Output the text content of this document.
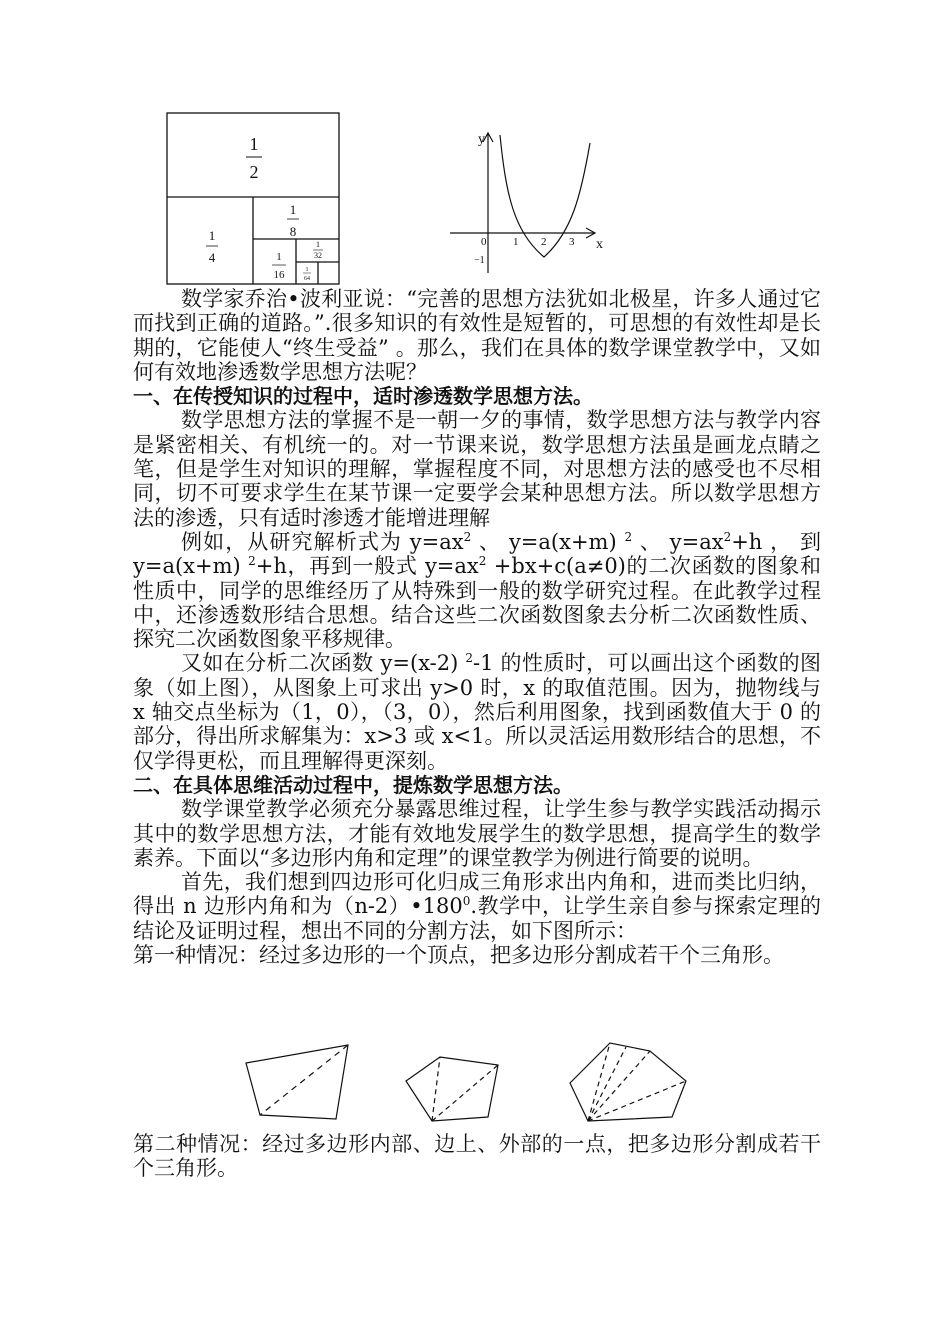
1
2
1
4
1
8
1
16
1
32
1
64
y
x
0 1 2 3
−1

数学家乔治•波利亚说：“完善的思想方法犹如北极星，许多人通过它而找到正确的道路。”.很多知识的有效性是短暂的，可思想的有效性却是长期的，它能使人“终生受益” 。那么，我们在具体的数学课堂教学中，又如何有效地渗透数学思想方法呢？

一、在传授知识的过程中，适时渗透数学思想方法。

数学思想方法的掌握不是一朝一夕的事情，数学思想方法与教学内容是紧密相关、有机统一的。对一节课来说，数学思想方法虽是画龙点睛之笔，但是学生对知识的理解，掌握程度不同，对思想方法的感受也不尽相同，切不可要求学生在某节课一定要学会某种思想方法。所以数学思想方法的渗透，只有适时渗透才能增进理解

例如，从研究解析式为 $y=ax^2$ 、 y=a(x+m) $^2$ 、 $y=ax^2+h$ ， 到 y=a(x+m) $^2$+h，再到一般式 $y=ax^2 +bx+c(a\ne 0)$的二次函数的图象和性质中，同学的思维经历了从特殊到一般的数学研究过程。在此教学过程中，还渗透数形结合思想。结合这些二次函数图象去分析二次函数性质、探究二次函数图象平移规律。

又如在分析二次函数 y=(x-2) $^2$-1 的性质时，可以画出这个函数的图象（如上图），从图象上可求出 y>0 时，x 的取值范围。因为，抛物线与 x 轴交点坐标为（1，0），（3，0），然后利用图象，找到函数值大于 0 的部分，得出所求解集为：x>3 或 x<1。所以灵活运用数形结合的思想，不仅学得更松，而且理解得更深刻。

二、在具体思维活动过程中，提炼数学思想方法。

数学课堂教学必须充分暴露思维过程，让学生参与教学实践活动揭示其中的数学思想方法，才能有效地发展学生的数学思想，提高学生的数学素养。下面以“多边形内角和定理”的课堂教学为例进行简要的说明。

首先，我们想到四边形可化归成三角形求出内角和，进而类比归纳，得出 n 边形内角和为$(n-2)•180^0$.教学中，让学生亲自参与探索定理的结论及证明过程，想出不同的分割方法，如下图所示：

第一种情况：经过多边形的一个顶点，把多边形分割成若干个三角形。

第二种情况：经过多边形内部、边上、外部的一点，把多边形分割成若干个三角形。
